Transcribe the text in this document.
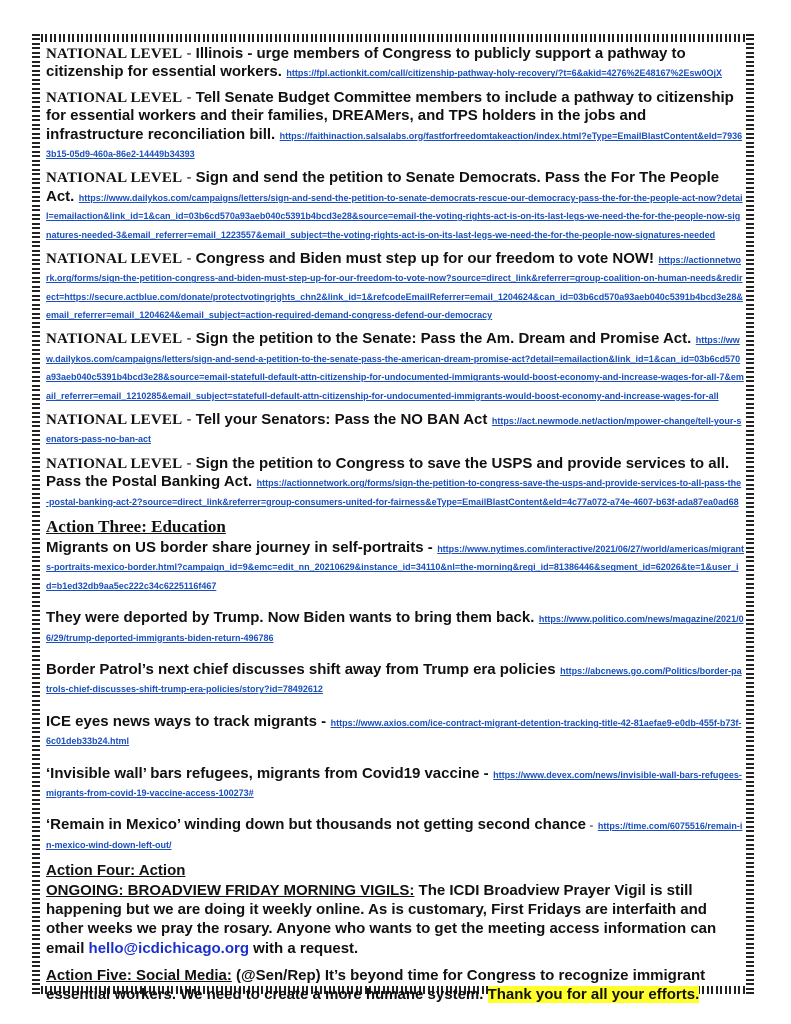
NATIONAL LEVEL - Illinois - urge members of Congress to publicly support a pathway to citizenship for essential workers. https://fpl.actionkit.com/call/citizenship-pathway-holy-recovery/?t=6&akid=4276%2E48167%2Esw0OjX
NATIONAL LEVEL - Tell Senate Budget Committee members to include a pathway to citizenship for essential workers and their families, DREAMers, and TPS holders in the jobs and infrastructure reconciliation bill. https://faithinaction.salsalabs.org/fastforfreedomtakeaction/index.html?eType=EmailBlastContent&eId=79363b15-05d9-460a-86e2-14449b34393
NATIONAL LEVEL - Sign and send the petition to Senate Democrats. Pass the For The People Act. https://www.dailykos.com/campaigns/letters/sign-and-send-the-petition-to-senate-democrats-rescue-our-democracy-pass-the-for-the-people-act-now?detail=emailaction&link_id=1&can_id=03b6cd570a93aeb040c5391b4bcd3e28&source=email-the-voting-rights-act-is-on-its-last-legs-we-need-the-for-the-people-now-signatures-needed-3&email_referrer=email_1223557&email_subject=the-voting-rights-act-is-on-its-last-legs-we-need-the-for-the-people-now-signatures-needed
NATIONAL LEVEL - Congress and Biden must step up for our freedom to vote NOW! https://actionnetwork.org/forms/sign-the-petition-congress-and-biden-must-step-up-for-our-freedom-to-vote-now?source=direct_link&referrer=group-coalition-on-human-needs&redirect=https://secure.actblue.com/donate/protectvotingrights_chn2&link_id=1&refcodeEmailReferrer=email_1204624&can_id=03b6cd570a93aeb040c5391b4bcd3e28&email_referrer=email_1204624&email_subject=action-required-demand-congress-defend-our-democracy
NATIONAL LEVEL - Sign the petition to the Senate: Pass the Am. Dream and Promise Act. https://www.dailykos.com/campaigns/letters/sign-and-send-a-petition-to-the-senate-pass-the-american-dream-promise-act?detail=emailaction&link_id=1&can_id=03b6cd570a93aeb040c5391b4bcd3e28&source=email-statefull-default-attn-citizenship-for-undocumented-immigrants-would-boost-economy-and-increase-wages-for-all-7&email_referrer=email_1210285&email_subject=statefull-default-attn-citizenship-for-undocumented-immigrants-would-boost-economy-and-increase-wages-for-all
NATIONAL LEVEL - Tell your Senators: Pass the NO BAN Act https://act.newmode.net/action/mpower-change/tell-your-senators-pass-no-ban-act
NATIONAL LEVEL - Sign the petition to Congress to save the USPS and provide services to all. Pass the Postal Banking Act. https://actionnetwork.org/forms/sign-the-petition-to-congress-save-the-usps-and-provide-services-to-all-pass-the-postal-banking-act-2?source=direct_link&referrer=group-consumers-united-for-fairness&eType=EmailBlastContent&eId=4c77a072-a74e-4607-b63f-ada87ea0ad68
Action Three: Education
Migrants on US border share journey in self-portraits - https://www.nytimes.com/interactive/2021/06/27/world/americas/migrants-portraits-mexico-border.html?campaign_id=9&emc=edit_nn_20210629&instance_id=34110&nl=the-morning&regi_id=81386446&segment_id=62026&te=1&user_id=b1ed32db9aa5ec222c34c6225116f467
They were deported by Trump. Now Biden wants to bring them back. https://www.politico.com/news/magazine/2021/06/29/trump-deported-immigrants-biden-return-496786
Border Patrol’s next chief discusses shift away from Trump era policies https://abcnews.go.com/Politics/border-patrols-chief-discusses-shift-trump-era-policies/story?id=78492612
ICE eyes news ways to track migrants - https://www.axios.com/ice-contract-migrant-detention-tracking-title-42-81aefae9-e0db-455f-b73f-6c01deb33b24.html
‘Invisible wall’ bars refugees, migrants from Covid19 vaccine - https://www.devex.com/news/invisible-wall-bars-refugees-migrants-from-covid-19-vaccine-access-100273#
‘Remain in Mexico’ winding down but thousands not getting second chance - https://time.com/6075516/remain-in-mexico-wind-down-left-out/
Action Four: Action
ONGOING: BROADVIEW FRIDAY MORNING VIGILS: The ICDI Broadview Prayer Vigil is still happening but we are doing it weekly online. As is customary, First Fridays are interfaith and other weeks we pray the rosary. Anyone who wants to get the meeting access information can email hello@icdichicago.org with a request.
Action Five: Social Media: (@Sen/Rep) It’s beyond time for Congress to recognize immigrant essential workers. We need to create a more humane system. Thank you for all your efforts.
